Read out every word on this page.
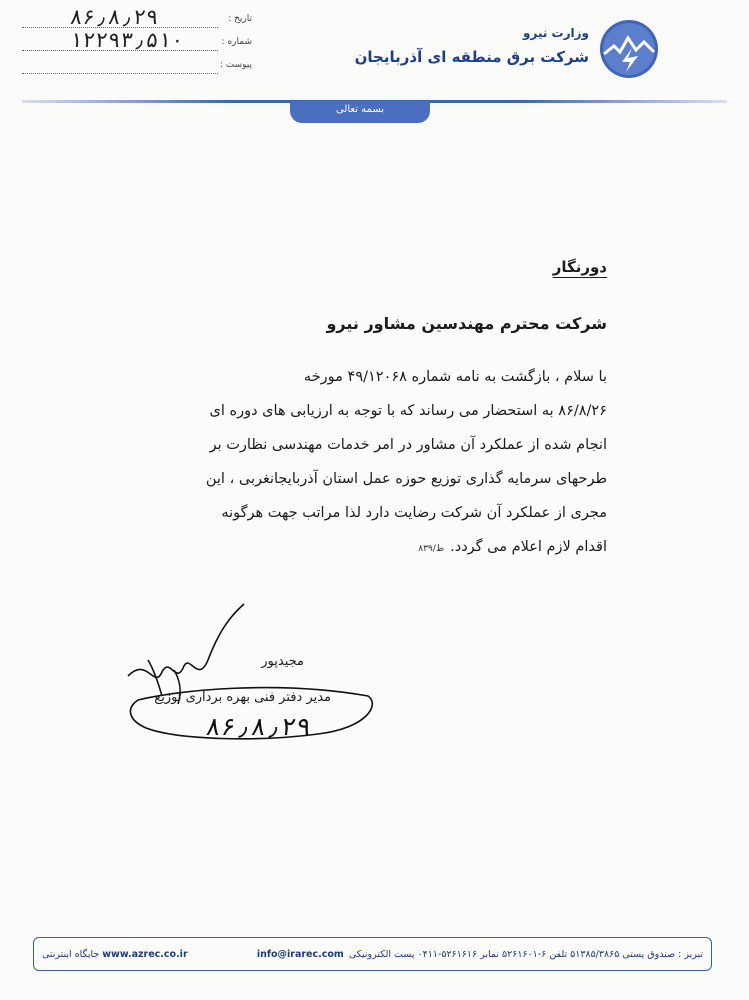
وزارت نیرو
شرکت برق منطقه ای آذربایجان
تاریخ :
۸۶٫۸٫۲۹
شماره :
۱۲۲۹۳٫۵۱۰
پیوست :
بسمه تعالی
دورنگار
شرکت محترم مهندسین مشاور نیرو
با سلام ، بازگشت به نامه شماره ۴۹/۱۲۰۶۸ مورخه
۸۶/۸/۲۶ به استحضار می رساند که با توجه به ارزیابی های دوره ای
انجام شده از عملکرد آن مشاور در امر خدمات مهندسی نظارت بر
طرحهای سرمایه گذاری توزیع حوزه عمل استان آذربایجانغربی ، این
مجری از عملکرد آن شرکت رضایت دارد لذا مراتب جهت هرگونه
اقدام لازم اعلام می گردد.ط/۸۳۹
مجیدپور
مدیر دفتر فنی بهره برداری توزیع
۸۶٫۸٫۲۹
www.azrec.co.ir جایگاه اینترنتی	تبریز : صندوق پستی ۵۱۳۸۵/۳۸۶۵ تلفن ۶-۵۲۶۱۶۰۱ نمابر ۵۲۶۱۶۱۶-۰۴۱۱ پست الکترونیکی info@irarec.com
